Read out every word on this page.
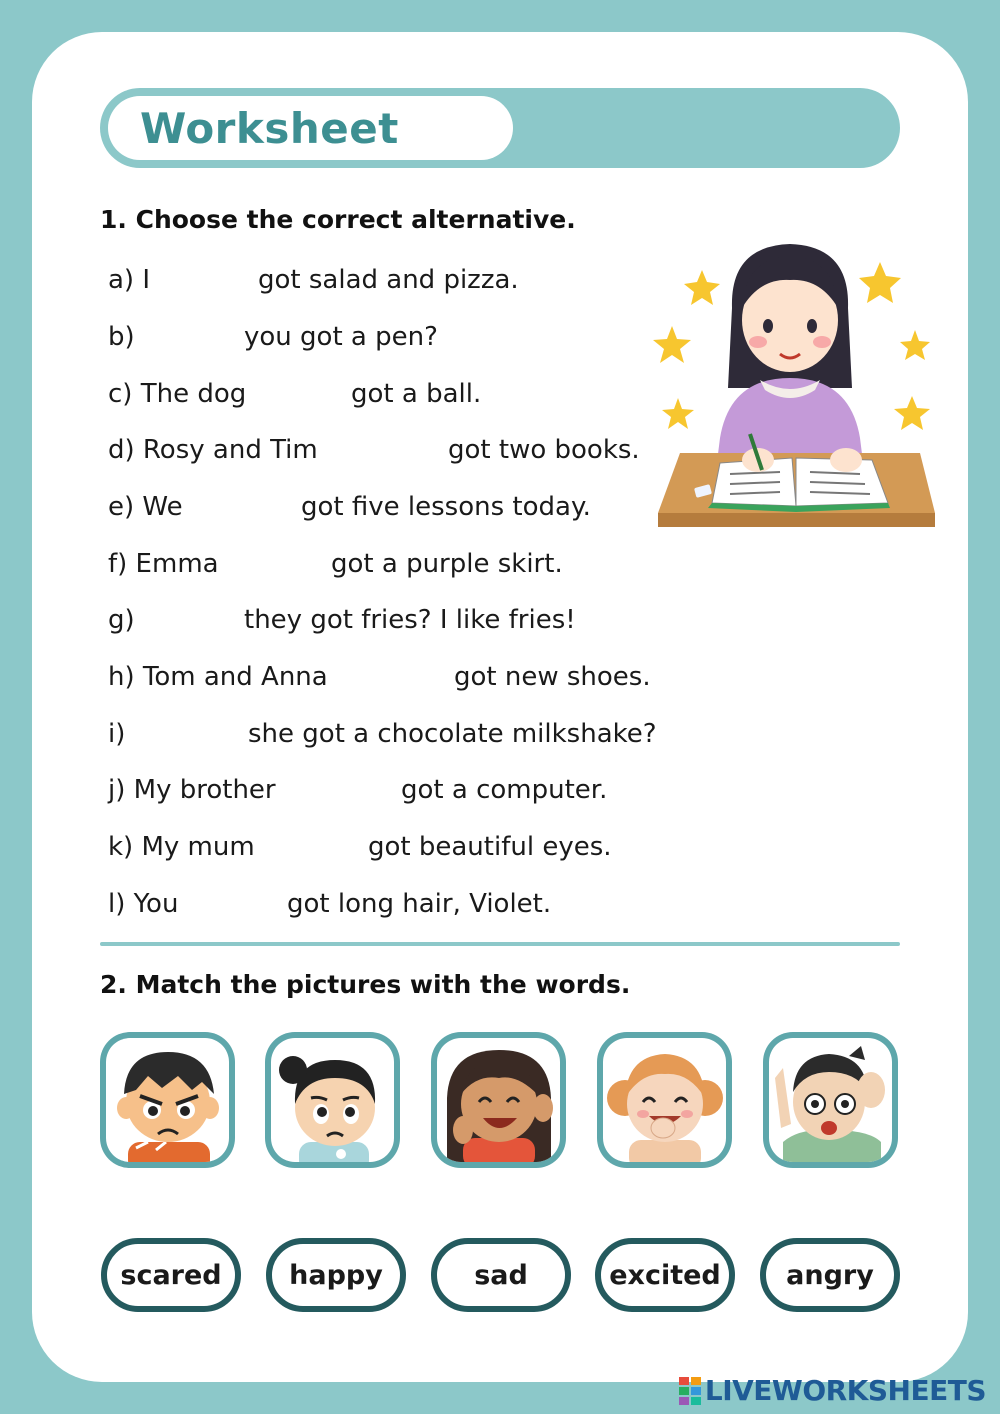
Worksheet
1. Choose the correct alternative.
a) I	got salad and pizza.
b)	you got a pen?
c) The dog	got a ball.
d) Rosy and Tim	got two books.
e) We	got five lessons today.
f) Emma	got a purple skirt.
g)	they got fries? I like fries!
h) Tom and Anna	got new shoes.
i)	she got a chocolate milkshake?
j) My brother	got a computer.
k) My mum	got beautiful eyes.
l) You	got long hair, Violet.
2. Match the pictures with the words.
scared	happy	sad	excited	angry
LIVEWORKSHEETS
